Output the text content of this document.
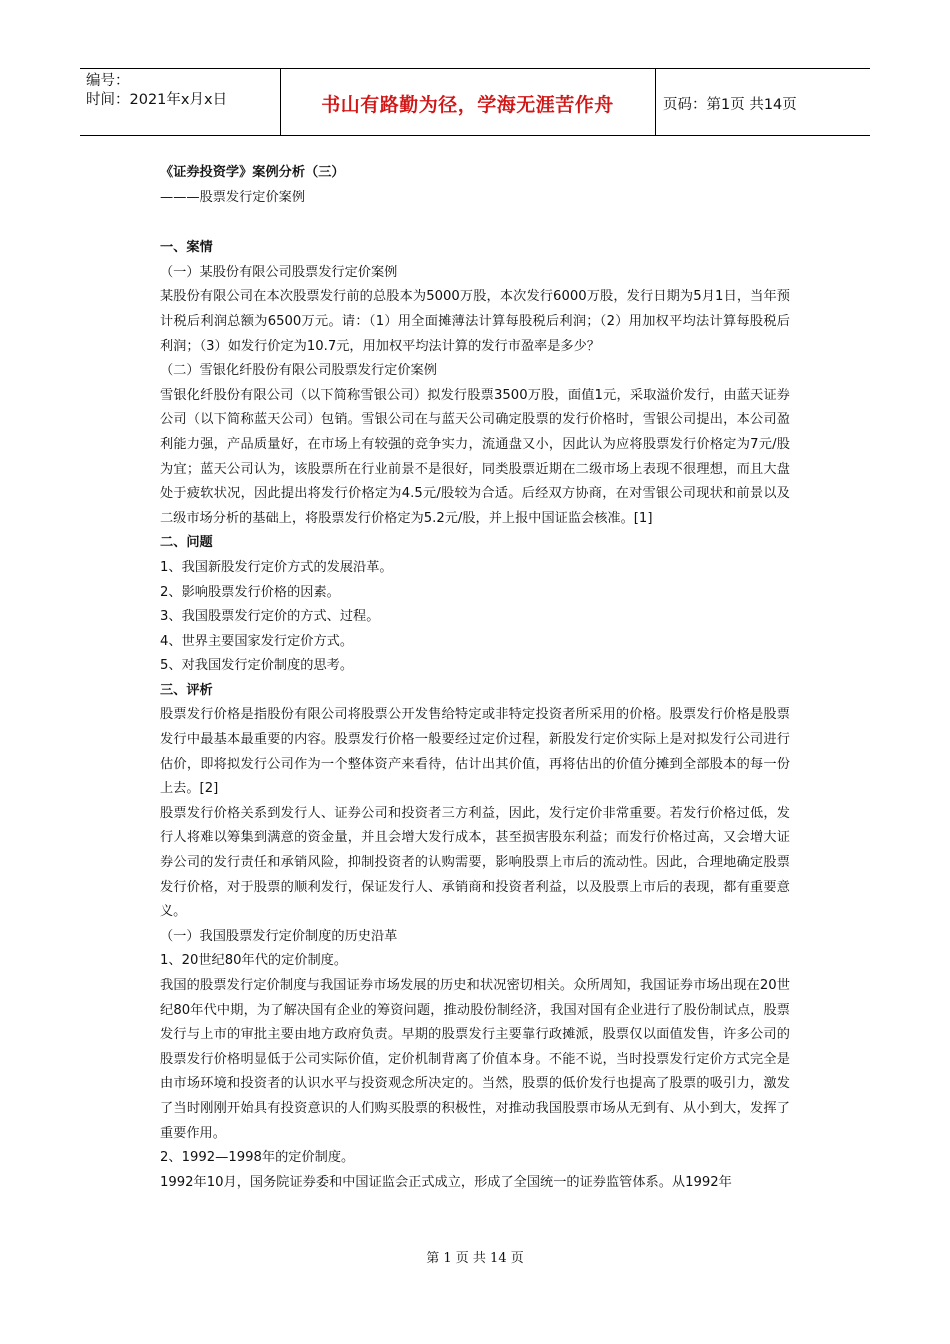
编号：
时间：2021年x月x日	书山有路勤为径，学海无涯苦作舟	页码：第1页 共14页

《证券投资学》案例分析（三）

———股票发行定价案例

一、案情

（一）某股份有限公司股票发行定价案例

某股份有限公司在本次股票发行前的总股本为5000万股，本次发行6000万股，发行日期为5月1日，当年预计税后利润总额为6500万元。请：（1）用全面摊薄法计算每股税后利润；（2）用加权平均法计算每股税后利润；（3）如发行价定为10.7元，用加权平均法计算的发行市盈率是多少？

（二）雪银化纤股份有限公司股票发行定价案例

雪银化纤股份有限公司（以下简称雪银公司）拟发行股票3500万股，面值1元，采取溢价发行，由蓝天证券公司（以下简称蓝天公司）包销。雪银公司在与蓝天公司确定股票的发行价格时，雪银公司提出，本公司盈利能力强，产品质量好，在市场上有较强的竞争实力，流通盘又小，因此认为应将股票发行价格定为7元/股为宜；蓝天公司认为，该股票所在行业前景不是很好，同类股票近期在二级市场上表现不很理想，而且大盘处于疲软状况，因此提出将发行价格定为4.5元/股较为合适。后经双方协商，在对雪银公司现状和前景以及二级市场分析的基础上，将股票发行价格定为5.2元/股，并上报中国证监会核准。[1]

二、问题

1、我国新股发行定价方式的发展沿革。

2、影响股票发行价格的因素。

3、我国股票发行定价的方式、过程。

4、世界主要国家发行定价方式。

5、对我国发行定价制度的思考。

三、评析

股票发行价格是指股份有限公司将股票公开发售给特定或非特定投资者所采用的价格。股票发行价格是股票发行中最基本最重要的内容。股票发行价格一般要经过定价过程，新股发行定价实际上是对拟发行公司进行估价，即将拟发行公司作为一个整体资产来看待，估计出其价值，再将估出的价值分摊到全部股本的每一份上去。[2]

股票发行价格关系到发行人、证券公司和投资者三方利益，因此，发行定价非常重要。若发行价格过低，发行人将难以筹集到满意的资金量，并且会增大发行成本，甚至损害股东利益；而发行价格过高，又会增大证券公司的发行责任和承销风险，抑制投资者的认购需要，影响股票上市后的流动性。因此，合理地确定股票发行价格，对于股票的顺利发行，保证发行人、承销商和投资者利益，以及股票上市后的表现，都有重要意义。

（一）我国股票发行定价制度的历史沿革

1、20世纪80年代的定价制度。

我国的股票发行定价制度与我国证券市场发展的历史和状况密切相关。众所周知，我国证券市场出现在20世纪80年代中期，为了解决国有企业的筹资问题，推动股份制经济，我国对国有企业进行了股份制试点，股票发行与上市的审批主要由地方政府负责。早期的股票发行主要靠行政摊派，股票仅以面值发售，许多公司的股票发行价格明显低于公司实际价值，定价机制背离了价值本身。不能不说，当时投票发行定价方式完全是由市场环境和投资者的认识水平与投资观念所决定的。当然，股票的低价发行也提高了股票的吸引力，激发了当时刚刚开始具有投资意识的人们购买股票的积极性，对推动我国股票市场从无到有、从小到大，发挥了重要作用。

2、1992—1998年的定价制度。

1992年10月，国务院证券委和中国证监会正式成立，形成了全国统一的证券监管体系。从1992年

第 1 页 共 14 页
